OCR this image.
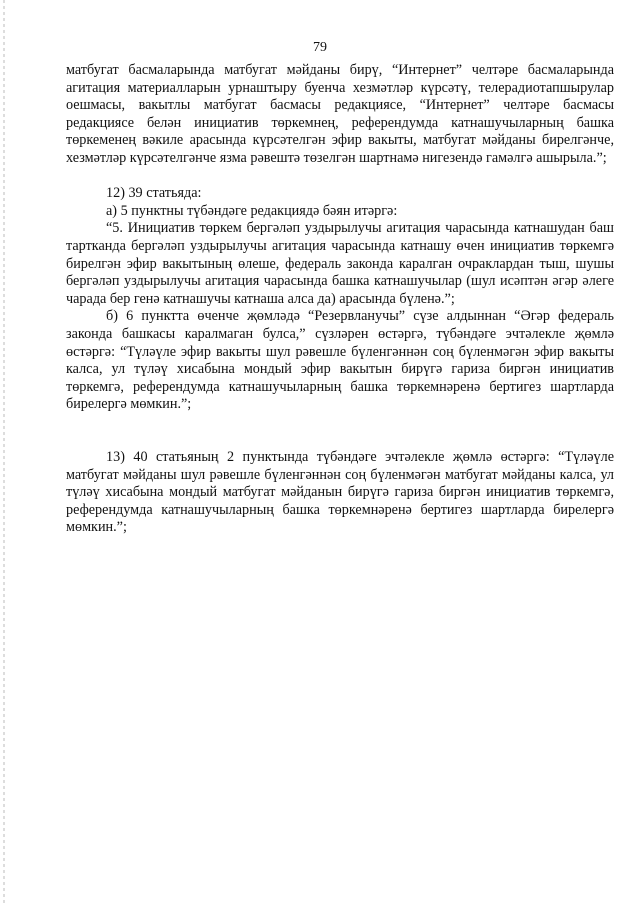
79

матбугат басмаларында матбугат мәйданы бирү, “Интернет” челтәре басмаларында агитация материалларын урнаштыру буенча хезмәтләр күрсәтү, телерадиотапшырулар оешмасы, вакытлы матбугат басмасы редакциясе, “Интернет” челтәре басмасы редакциясе белән инициатив төркемнең, референдумда катнашучыларның башка төркеменең вәкиле арасында күрсәтелгән эфир вакыты, матбугат мәйданы бирелгәнче, хезмәтләр күрсәтелгәнче язма рәвештә төзелгән шартнамә нигезендә гамәлгә ашырыла.”;

12) 39 статьяда:

а) 5 пунктны түбәндәге редакциядә бәян итәргә:

“5. Инициатив төркем бергәләп уздырылучы агитация чарасында катнашудан баш тартканда бергәләп уздырылучы агитация чарасында катнашу өчен инициатив төркемгә бирелгән эфир вакытының өлеше, федераль законда каралган очраклардан тыш, шушы бергәләп уздырылучы агитация чарасында башка катнашучылар (шул исәптән әгәр әлеге чарада бер генә катнашучы катнаша алса да) арасында бүленә.”;

б) 6 пунктта өченче җөмләдә “Резервланучы” сүзе алдыннан “Әгәр федераль законда башкасы каралмаган булса,” сүзләрен өстәргә, түбәндәге эчтәлекле җөмлә өстәргә: “Түләүле эфир вакыты шул рәвешле бүленгәннән соң бүленмәгән эфир вакыты калса, ул түләү хисабына мондый эфир вакытын бирүгә гариза биргән инициатив төркемгә, референдумда катнашучыларның башка төркемнәренә бертигез шартларда бирелергә мөмкин.”;

13) 40 статьяның 2 пунктында түбәндәге эчтәлекле җөмлә өстәргә: “Түләүле матбугат мәйданы шул рәвешле бүленгәннән соң бүленмәгән матбугат мәйданы калса, ул түләү хисабына мондый матбугат мәйданын бирүгә гариза биргән инициатив төркемгә, референдумда катнашучыларның башка төркемнәренә бертигез шартларда бирелергә мөмкин.”;
